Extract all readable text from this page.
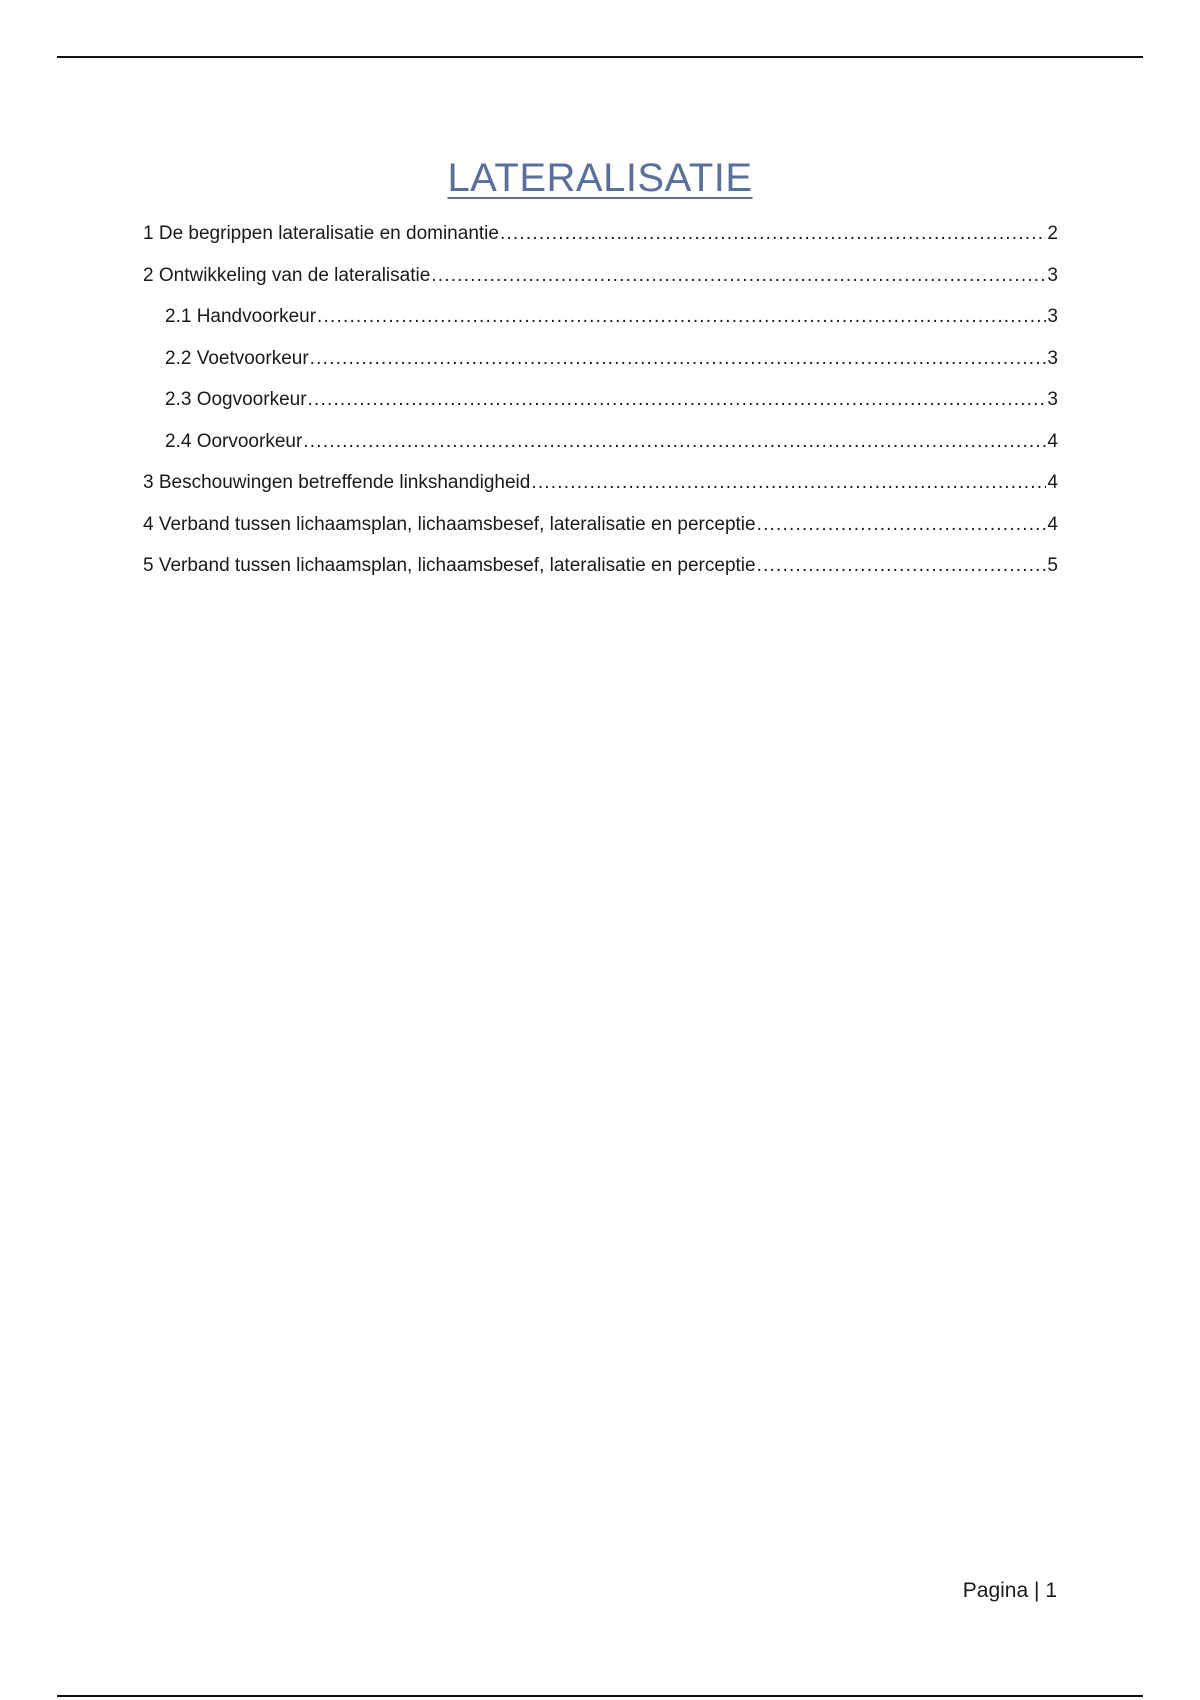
LATERALISATIE
1 De begrippen lateralisatie en dominantie .....	2
2 Ontwikkeling van de lateralisatie .....	3
2.1 Handvoorkeur .....	3
2.2 Voetvoorkeur .....	3
2.3 Oogvoorkeur .....	3
2.4 Oorvoorkeur .....	4
3 Beschouwingen betreffende linkshandigheid .....	4
4 Verband tussen lichaamsplan, lichaamsbesef, lateralisatie en perceptie .....	4
5 Verband tussen lichaamsplan, lichaamsbesef, lateralisatie en perceptie .....	5
Pagina | 1
